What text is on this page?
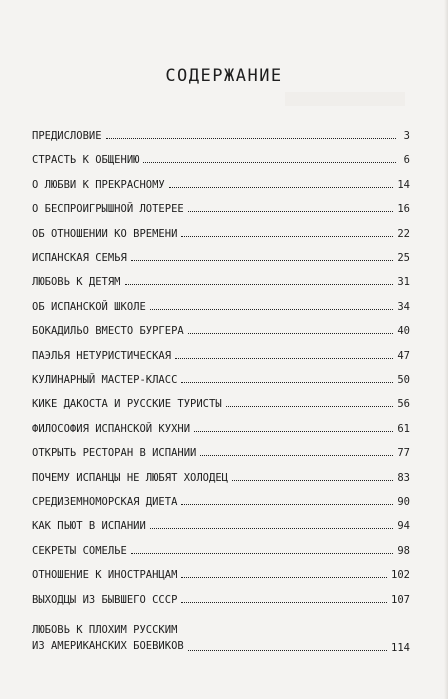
СОДЕРЖАНИЕ
ПРЕДИСЛОВИЕ	3
СТРАСТЬ К ОБЩЕНИЮ	6
О ЛЮБВИ К ПРЕКРАСНОМУ	14
О БЕСПРОИГРЫШНОЙ ЛОТЕРЕЕ	16
ОБ ОТНОШЕНИИ КО ВРЕМЕНИ	22
ИСПАНСКАЯ СЕМЬЯ	25
ЛЮБОВЬ К ДЕТЯМ	31
ОБ ИСПАНСКОЙ ШКОЛЕ	34
БОКАДИЛЬО ВМЕСТО БУРГЕРА	40
ПАЭЛЬЯ НЕТУРИСТИЧЕСКАЯ	47
КУЛИНАРНЫЙ МАСТЕР-КЛАСС	50
КИКЕ ДАКОСТА И РУССКИЕ ТУРИСТЫ	56
ФИЛОСОФИЯ ИСПАНСКОЙ КУХНИ	61
ОТКРЫТЬ РЕСТОРАН В ИСПАНИИ	77
ПОЧЕМУ ИСПАНЦЫ НЕ ЛЮБЯТ ХОЛОДЕЦ	83
СРЕДИЗЕМНОМОРСКАЯ ДИЕТА	90
КАК ПЬЮТ В ИСПАНИИ	94
СЕКРЕТЫ СОМЕЛЬЕ	98
ОТНОШЕНИЕ К ИНОСТРАНЦАМ	102
ВЫХОДЦЫ ИЗ БЫВШЕГО СССР	107
ЛЮБОВЬ К ПЛОХИМ РУССКИМ
ИЗ АМЕРИКАНСКИХ БОЕВИКОВ	114
